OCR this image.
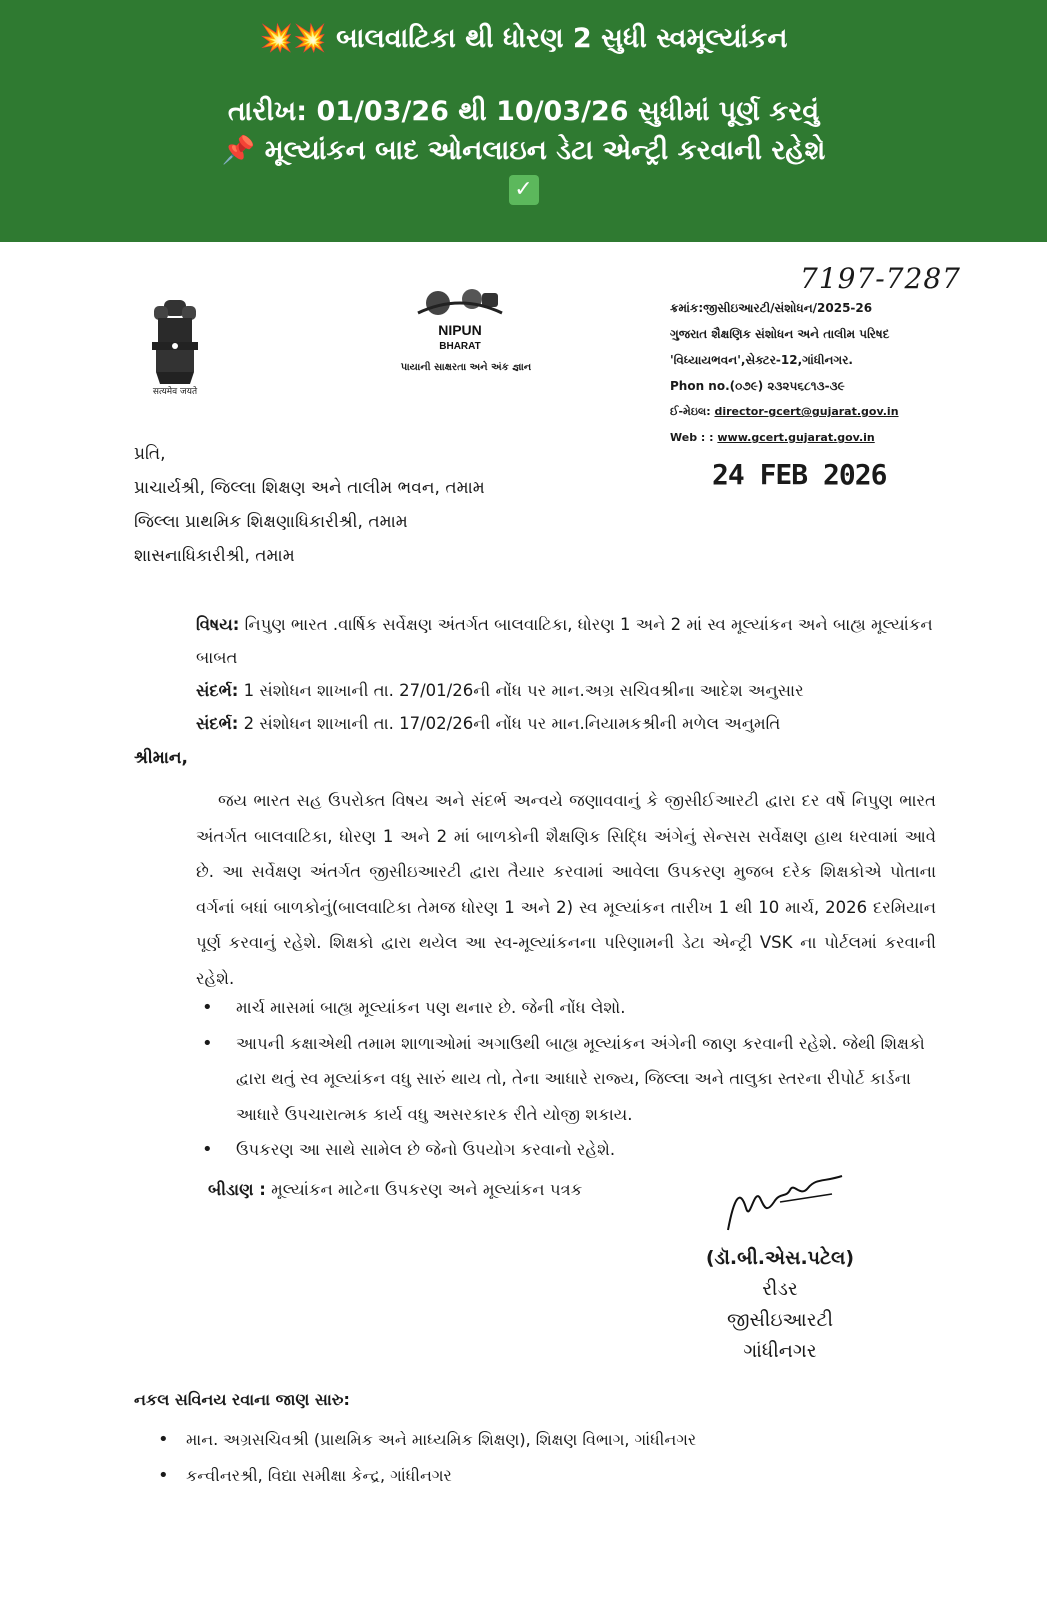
💥💥 બાલવાટિકા થી ધોરણ 2 સુધી સ્વમૂલ્યાંકન
તારીખ: 01/03/26 થી 10/03/26 સુધીમાં પૂર્ણ કરવું
📌 મૂલ્યાંકન બાદ ઓનલાઇન ડેટા એન્ટ્રી કરવાની રહેશે
✓
सत्यमेव जयते
NIPUN
BHARAT
પાયાની સાક્ષરતા અને અંક જ્ઞાન
7197-7287
ક્રમાંક:જીસીઇઆરટી/સંશોધન/2025-26
ગુજરાત શૈક્ષણિક સંશોધન અને તાલીમ પરિષદ
'વિધ્યાયભવન',સેક્ટર-12,ગાંધીનગર.
Phon no.(૦૭૯) ૨૩૨૫૬૮૧૩-૩૯
ઈ-મેઇલ: director-gcert@gujarat.gov.in
Web : : www.gcert.gujarat.gov.in
24 FEB 2026
પ્રતિ,
પ્રાચાર્યશ્રી, જિલ્લા શિક્ષણ અને તાલીમ ભવન, તમામ
જિલ્લા પ્રાથમિક શિક્ષણાધિકારીશ્રી, તમામ
શાસનાધિકારીશ્રી, તમામ
વિષય: નિપુણ ભારત .વાર્ષિક સર્વેક્ષણ અંતર્ગત બાલવાટિકા, ધોરણ 1 અને 2 માં સ્વ મૂલ્યાંકન અને બાહ્ય મૂલ્યાંકન બાબત
સંદર્ભ: 1 સંશોધન શાખાની તા. 27/01/26ની નોંધ પર માન.અગ્ર સચિવશ્રીના આદેશ અનુસાર
સંદર્ભ: 2 સંશોધન શાખાની તા. 17/02/26ની નોંધ પર માન.નિયામકશ્રીની મળેલ અનુમતિ
શ્રીમાન,
જય ભારત સહ ઉપરોક્ત વિષય અને સંદર્ભ અન્વયે જણાવવાનું કે જીસીઈઆરટી દ્વારા દર વર્ષે નિપુણ ભારત અંતર્ગત બાલવાટિકા, ધોરણ 1 અને 2 માં બાળકોની શૈક્ષણિક સિદ્ધિ અંગેનું સેન્સસ સર્વેક્ષણ હાથ ધરવામાં આવે છે. આ સર્વેક્ષણ અંતર્ગત જીસીઇઆરટી દ્વારા તૈયાર કરવામાં આવેલા ઉપકરણ મુજબ દરેક શિક્ષકોએ પોતાના વર્ગનાં બધાં બાળકોનું(બાલવાટિકા તેમજ ધોરણ 1 અને 2) સ્વ મૂલ્યાંકન તારીખ 1 થી 10 માર્ચ, 2026 દરમિયાન પૂર્ણ કરવાનું રહેશે. શિક્ષકો દ્વારા થયેલ આ સ્વ-મૂલ્યાંકનના પરિણામની ડેટા એન્ટ્રી VSK ના પોર્ટલમાં કરવાની રહેશે.
• માર્ચ માસમાં બાહ્ય મૂલ્યાંકન પણ થનાર છે. જેની નોંધ લેશો.
• આપની કક્ષાએથી તમામ શાળાઓમાં અગાઉથી બાહ્ય મૂલ્યાંકન અંગેની જાણ કરવાની રહેશે. જેથી શિક્ષકો દ્વારા થતું સ્વ મૂલ્યાંકન વધુ સારું થાય તો, તેના આધારે રાજ્ય, જિલ્લા અને તાલુકા સ્તરના રીપોર્ટ કાર્ડના આધારે ઉપચારાત્મક કાર્ય વધુ અસરકારક રીતે યોજી શકાય.
• ઉપકરણ આ સાથે સામેલ છે જેનો ઉપયોગ કરવાનો રહેશે.
બીડાણ : મૂલ્યાંકન માટેના ઉપકરણ અને મૂલ્યાંકન પત્રક
(ડૉ.બી.એસ.પટેલ)
રીડર
જીસીઇઆરટી
ગાંધીનગર
નકલ સવિનય રવાના જાણ સારુ:
• માન. અગ્રસચિવશ્રી (પ્રાથમિક અને માધ્યમિક શિક્ષણ), શિક્ષણ વિભાગ, ગાંધીનગર
• કન્વીનરશ્રી, વિદ્યા સમીક્ષા કેન્દ્ર, ગાંધીનગર
